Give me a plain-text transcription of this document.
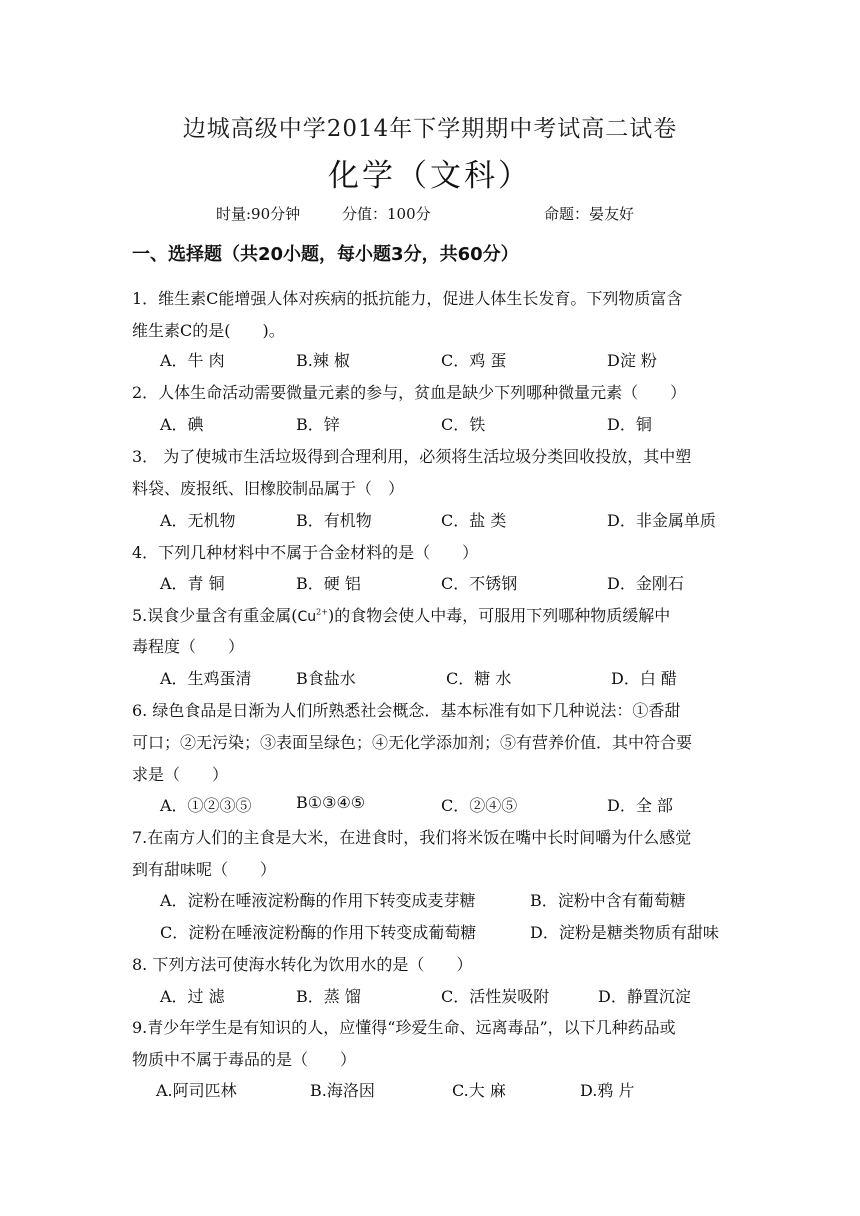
边城高级中学2014年下学期期中考试高二试卷
化学（文科）
时量:90分钟	分值：100分	命题：晏友好
一、选择题（共20小题，每小题3分，共60分）
1．维生素C能增强人体对疾病的抵抗能力，促进人体生长发育。下列物质富含
维生素C的是(　　)。
A．牛 肉	B.辣 椒	C．鸡 蛋	D淀 粉
2．人体生命活动需要微量元素的参与，贫血是缺少下列哪种微量元素（　　）
A．碘	B．锌	C．铁	D．铜
3． 为了使城市生活垃圾得到合理利用，必须将生活垃圾分类回收投放，其中塑
料袋、废报纸、旧橡胶制品属于（　）
A．无机物	B．有机物	C．盐 类	D．非金属单质
4．下列几种材料中不属于合金材料的是（　　）
A．青 铜	B．硬 铝	C．不锈钢	D．金刚石
5.误食少量含有重金属$(Cu^{2+})$的食物会使人中毒，可服用下列哪种物质缓解中
毒程度（　　）
A．生鸡蛋清	B食盐水	C．糖 水	D．白 醋
6. 绿色食品是日渐为人们所熟悉社会概念．基本标准有如下几种说法：①香甜
可口；②无污染；③表面呈绿色；④无化学添加剂；⑤有营养价值．其中符合要
求是（　　）
A．①②③⑤	B①③④⑤	C．②④⑤	D．全 部
7.在南方人们的主食是大米，在进食时，我们将米饭在嘴中长时间嚼为什么感觉
到有甜味呢（　　）
A．淀粉在唾液淀粉酶的作用下转变成麦芽糖	B．淀粉中含有葡萄糖
C．淀粉在唾液淀粉酶的作用下转变成葡萄糖	D．淀粉是糖类物质有甜味
8. 下列方法可使海水转化为饮用水的是（　　）
A．过 滤	B．蒸 馏	C．活性炭吸附	D．静置沉淀
9.青少年学生是有知识的人，应懂得“珍爱生命、远离毒品”，以下几种药品或
物质中不属于毒品的是（　　）
A.阿司匹林	B.海洛因	C.大 麻	D.鸦 片
